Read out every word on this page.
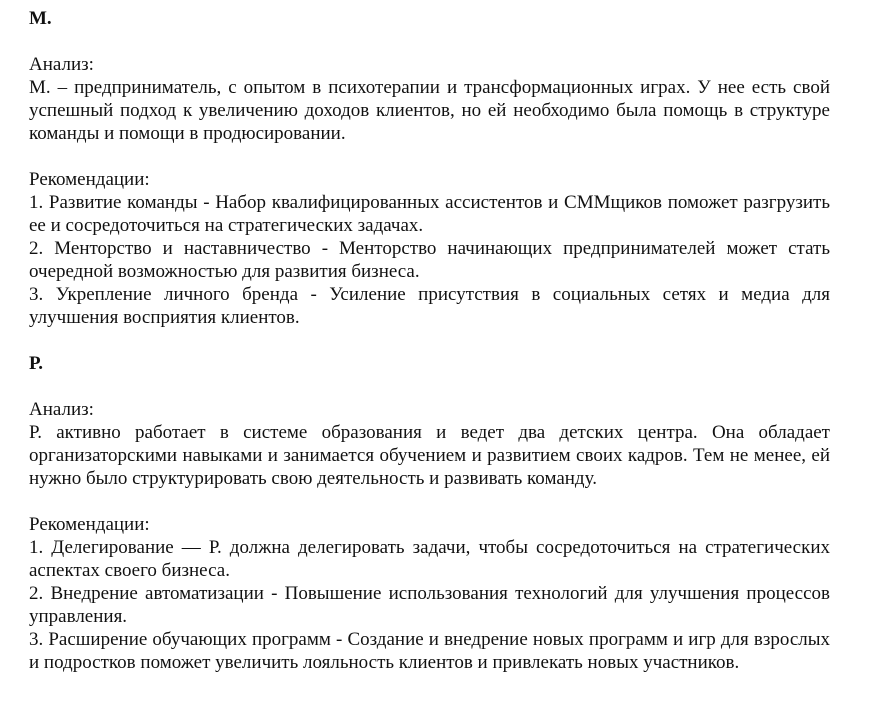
М.

Анализ:

М. – предприниматель, с опытом в психотерапии и трансформационных играх. У нее есть свой успешный подход к увеличению доходов клиентов, но ей необходимо была помощь в структуре команды и помощи в продюсировании.

Рекомендации:

1. Развитие команды - Набор квалифицированных ассистентов и СММщиков поможет разгрузить ее и сосредоточиться на стратегических задачах.

2. Менторство и наставничество - Менторство начинающих предпринимателей может стать очередной возможностью для развития бизнеса.

3. Укрепление личного бренда - Усиление присутствия в социальных сетях и медиа для улучшения восприятия клиентов.

Р.

Анализ:

Р. активно работает в системе образования и ведет два детских центра. Она обладает организаторскими навыками и занимается обучением и развитием своих кадров. Тем не менее, ей нужно было структурировать свою деятельность и развивать команду.

Рекомендации:

1. Делегирование — Р. должна делегировать задачи, чтобы сосредоточиться на стратегических аспектах своего бизнеса.

2. Внедрение автоматизации - Повышение использования технологий для улучшения процессов управления.

3. Расширение обучающих программ - Создание и внедрение новых программ и игр для взрослых и подростков поможет увеличить лояльность клиентов и привлекать новых участников.
